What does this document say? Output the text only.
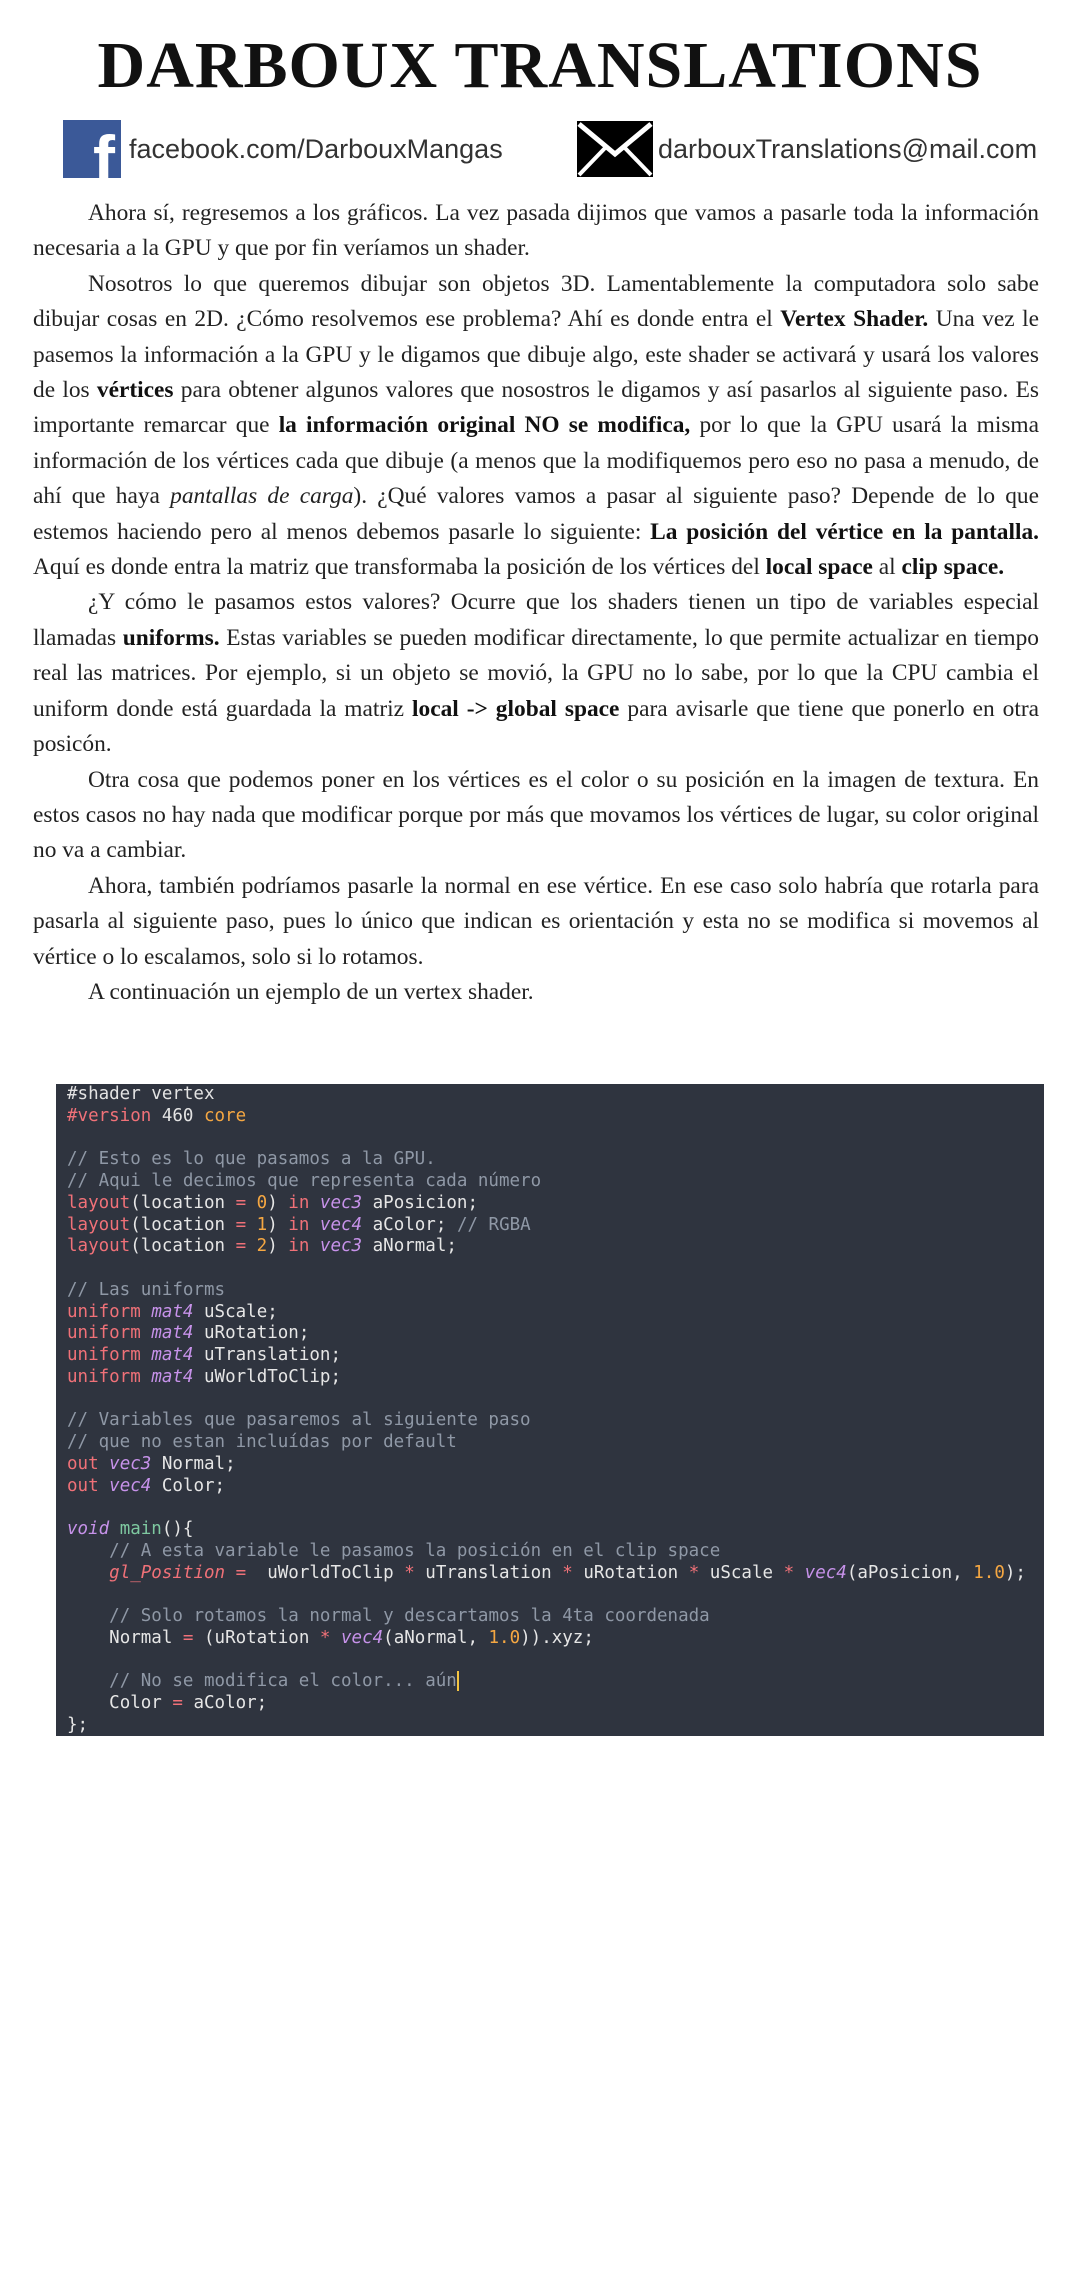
DARBOUX TRANSLATIONS
f facebook.com/DarbouxMangas	darbouxTranslations@mail.com

Ahora sí, regresemos a los gráficos. La vez pasada dijimos que vamos a pasarle toda la información necesaria a la GPU y que por fin veríamos un shader.

Nosotros lo que queremos dibujar son objetos 3D. Lamentablemente la computadora solo sabe dibujar cosas en 2D. ¿Cómo resolvemos ese problema? Ahí es donde entra el Vertex Shader. Una vez le pasemos la información a la GPU y le digamos que dibuje algo, este shader se activará y usará los valores de los vértices para obtener algunos valores que nosostros le digamos y así pasarlos al siguiente paso. Es importante remarcar que la información original NO se modifica, por lo que la GPU usará la misma información de los vértices cada que dibuje (a menos que la modifiquemos pero eso no pasa a menudo, de ahí que haya pantallas de carga). ¿Qué valores vamos a pasar al siguiente paso? Depende de lo que estemos haciendo pero al menos debemos pasarle lo siguiente: La posición del vértice en la pantalla. Aquí es donde entra la matriz que transformaba la posición de los vértices del local space al clip space.

¿Y cómo le pasamos estos valores? Ocurre que los shaders tienen un tipo de variables especial llamadas uniforms. Estas variables se pueden modificar directamente, lo que permite actualizar en tiempo real las matrices. Por ejemplo, si un objeto se movió, la GPU no lo sabe, por lo que la CPU cambia el uniform donde está guardada la matriz local -> global space para avisarle que tiene que ponerlo en otra posicón.

Otra cosa que podemos poner en los vértices es el color o su posición en la imagen de textura. En estos casos no hay nada que modificar porque por más que movamos los vértices de lugar, su color original no va a cambiar.

Ahora, también podríamos pasarle la normal en ese vértice. En ese caso solo habría que rotarla para pasarla al siguiente paso, pues lo único que indican es orientación y esta no se modifica si movemos al vértice o lo escalamos, solo si lo rotamos.

A continuación un ejemplo de un vertex shader.

#shader vertex
#version 460 core

// Esto es lo que pasamos a la GPU.
// Aqui le decimos que representa cada número
layout(location = 0) in vec3 aPosicion;
layout(location = 1) in vec4 aColor; // RGBA
layout(location = 2) in vec3 aNormal;

// Las uniforms
uniform mat4 uScale;
uniform mat4 uRotation;
uniform mat4 uTranslation;
uniform mat4 uWorldToClip;

// Variables que pasaremos al siguiente paso
// que no estan incluídas por default
out vec3 Normal;
out vec4 Color;

void main(){
// A esta variable le pasamos la posición en el clip space
gl_Position = uWorldToClip * uTranslation * uRotation * uScale * vec4(aPosicion, 1.0);

// Solo rotamos la normal y descartamos la 4ta coordenada
Normal = (uRotation * vec4(aNormal, 1.0)).xyz;

// No se modifica el color... aún
Color = aColor;
};
Traducción original al
inglés por: Ralen.
Raws de bookwalker.
